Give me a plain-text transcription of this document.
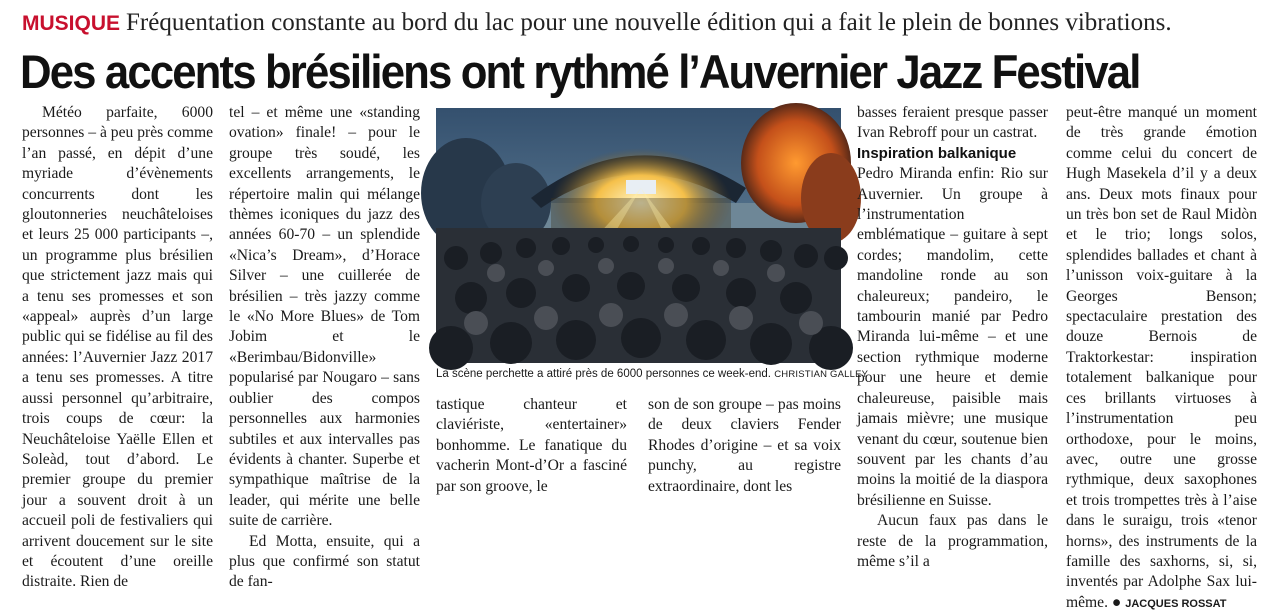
MUSIQUE Fréquentation constante au bord du lac pour une nouvelle édition qui a fait le plein de bonnes vibrations.
Des accents brésiliens ont rythmé l’Auvernier Jazz Festival

Météo parfaite, 6000 personnes – à peu près comme l’an passé, en dépit d’une myriade d’évènements concurrents dont les gloutonneries neuchâteloises et leurs 25 000 participants –, un programme plus brésilien que strictement jazz mais qui a tenu ses promesses et son «appeal» auprès d’un large public qui se fidélise au fil des années: l’Auvernier Jazz 2017 a tenu ses promesses. A titre aussi personnel qu’arbitraire, trois coups de cœur: la Neuchâteloise Yaëlle Ellen et Soleàd, tout d’abord. Le premier groupe du premier jour a souvent droit à un accueil poli de festivaliers qui arrivent doucement sur le site et écoutent d’une oreille distraite. Rien de

tel – et même une «standing ovation» finale! – pour le groupe très soudé, les excellents arrangements, le répertoire malin qui mélange thèmes iconiques du jazz des années 60-70 – un splendide «Nica’s Dream», d’Horace Silver – une cuillerée de brésilien – très jazzy comme le «No More Blues» de Tom Jobim et le «Berimbau/Bidonville» popularisé par Nougaro – sans oublier des compos personnelles aux harmonies subtiles et aux intervalles pas évidents à chanter. Superbe et sympathique maîtrise de la leader, qui mérite une belle suite de carrière.

Ed Motta, ensuite, qui a plus que confirmé son statut de fan-

La scène perchette a attiré près de 6000 personnes ce week-end. CHRISTIAN GALLEY

tastique chanteur et claviériste, «entertainer» bonhomme. Le fanatique du vacherin Mont-d’Or a fasciné par son groove, le

son de son groupe – pas moins de deux claviers Fender Rhodes d’origine – et sa voix punchy, au registre extraordinaire, dont les

basses feraient presque passer Ivan Rebroff pour un castrat.

Inspiration balkanique

Pedro Miranda enfin: Rio sur Auvernier. Un groupe à l’instrumentation emblématique – guitare à sept cordes; mandolim, cette mandoline ronde au son chaleureux; pandeiro, le tambourin manié par Pedro Miranda lui-même – et une section rythmique moderne pour une heure et demie chaleureuse, paisible mais jamais mièvre; une musique venant du cœur, soutenue bien souvent par les chants d’au moins la moitié de la diaspora brésilienne en Suisse.

Aucun faux pas dans le reste de la programmation, même s’il a

peut-être manqué un moment de très grande émotion comme celui du concert de Hugh Masekela d’il y a deux ans. Deux mots finaux pour un très bon set de Raul Midòn et le trio; longs solos, splendides ballades et chant à l’unisson voix-guitare à la Georges Benson; spectaculaire prestation des douze Bernois de Traktorkestar: inspiration totalement balkanique pour ces brillants virtuoses à l’instrumentation peu orthodoxe, pour le moins, avec, outre une grosse rythmique, deux saxophones et trois trompettes très à l’aise dans le suraigu, trois «tenor horns», des instruments de la famille des saxhorns, si, si, inventés par Adolphe Sax lui-même. ● JACQUES ROSSAT
